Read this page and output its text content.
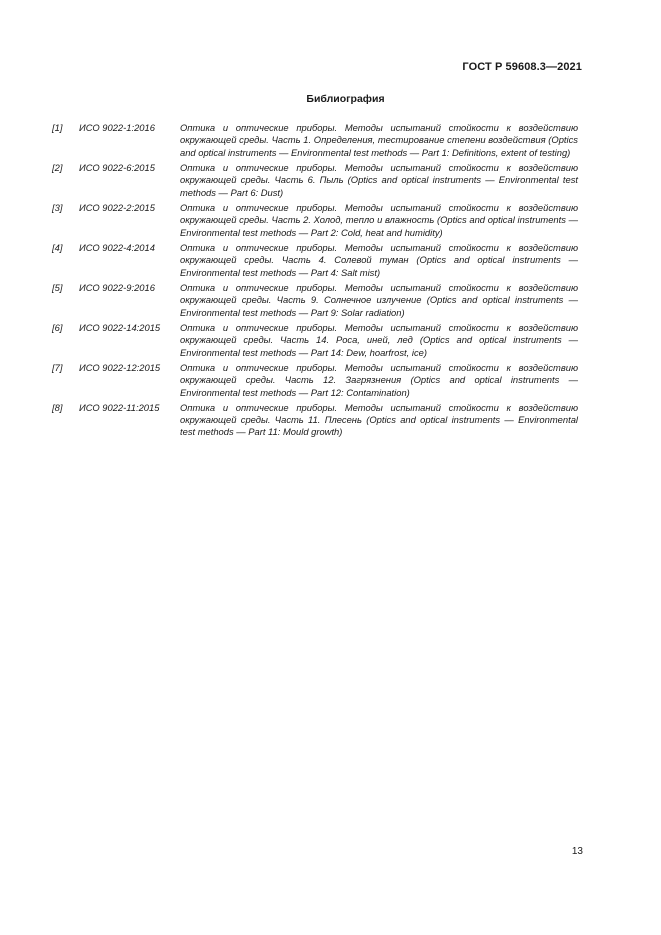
ГОСТ Р 59608.3—2021
Библиография
[1]	ИСО 9022-1:2016	Оптика и оптические приборы. Методы испытаний стойкости к воздействию окружающей среды. Часть 1. Определения, тестирование степени воздействия (Optics and optical instruments — Environmental test methods — Part 1: Definitions, extent of testing)
[2]	ИСО 9022-6:2015	Оптика и оптические приборы. Методы испытаний стойкости к воздействию окружающей среды. Часть 6. Пыль (Optics and optical instruments — Environmental test methods — Part 6: Dust)
[3]	ИСО 9022-2:2015	Оптика и оптические приборы. Методы испытаний стойкости к воздействию окружающей среды. Часть 2. Холод, тепло и влажность (Optics and optical instruments — Environmental test methods — Part 2: Cold, heat and humidity)
[4]	ИСО 9022-4:2014	Оптика и оптические приборы. Методы испытаний стойкости к воздействию окружающей среды. Часть 4. Солевой туман (Optics and optical instruments — Environmental test methods — Part 4: Salt mist)
[5]	ИСО 9022-9:2016	Оптика и оптические приборы. Методы испытаний стойкости к воздействию окружающей среды. Часть 9. Солнечное излучение (Optics and optical instruments — Environmental test methods — Part 9: Solar radiation)
[6]	ИСО 9022-14:2015	Оптика и оптические приборы. Методы испытаний стойкости к воздействию окружающей среды. Часть 14. Роса, иней, лед (Optics and optical instruments — Environmental test methods — Part 14: Dew, hoarfrost, ice)
[7]	ИСО 9022-12:2015	Оптика и оптические приборы. Методы испытаний стойкости к воздействию окружающей среды. Часть 12. Загрязнения (Optics and optical instruments — Environmental test methods — Part 12: Contamination)
[8]	ИСО 9022-11:2015	Оптика и оптические приборы. Методы испытаний стойкости к воздействию окружающей среды. Часть 11. Плесень (Optics and optical instruments — Environmental test methods — Part 11: Mould growth)
13
